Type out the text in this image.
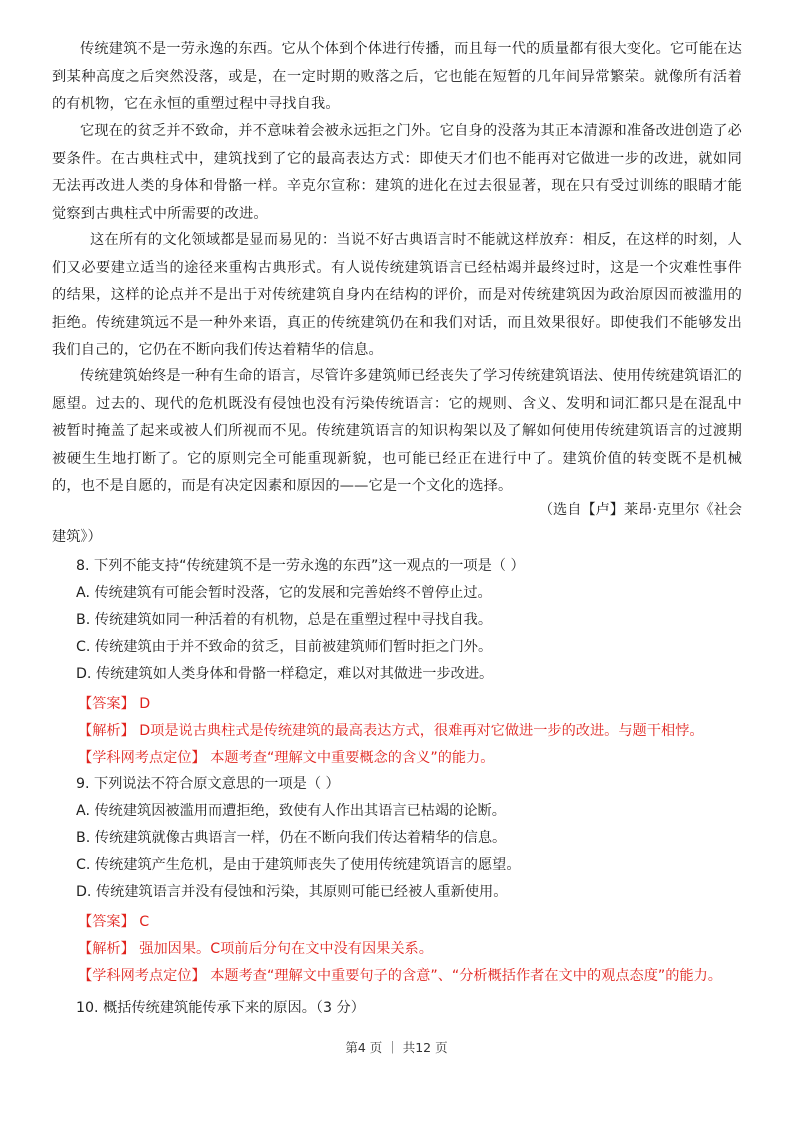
传统建筑不是一劳永逸的东西。它从个体到个体进行传播，而且每一代的质量都有很大变化。它可能在达到某种高度之后突然没落，或是，在一定时期的败落之后，它也能在短暂的几年间异常繁荣。就像所有活着的有机物，它在永恒的重塑过程中寻找自我。

它现在的贫乏并不致命，并不意味着会被永远拒之门外。它自身的没落为其正本清源和准备改进创造了必要条件。在古典柱式中，建筑找到了它的最高表达方式：即使天才们也不能再对它做进一步的改进，就如同无法再改进人类的身体和骨骼一样。辛克尔宣称：建筑的进化在过去很显著，现在只有受过训练的眼睛才能觉察到古典柱式中所需要的改进。

这在所有的文化领域都是显而易见的：当说不好古典语言时不能就这样放弃：相反，在这样的时刻，人们又必要建立适当的途径来重构古典形式。有人说传统建筑语言已经枯竭并最终过时，这是一个灾难性事件的结果，这样的论点并不是出于对传统建筑自身内在结构的评价，而是对传统建筑因为政治原因而被滥用的拒绝。传统建筑远不是一种外来语，真正的传统建筑仍在和我们对话，而且效果很好。即使我们不能够发出我们自己的，它仍在不断向我们传达着精华的信息。

传统建筑始终是一种有生命的语言，尽管许多建筑师已经丧失了学习传统建筑语法、使用传统建筑语汇的愿望。过去的、现代的危机既没有侵蚀也没有污染传统语言：它的规则、含义、发明和词汇都只是在混乱中被暂时掩盖了起来或被人们所视而不见。传统建筑语言的知识构架以及了解如何使用传统建筑语言的过渡期被硬生生地打断了。它的原则完全可能重现新貌，也可能已经正在进行中了。建筑价值的转变既不是机械的，也不是自愿的，而是有决定因素和原因的——它是一个文化的选择。

（选自【卢】莱昂·克里尔《社会
建筑》）
8. 下列不能支持“传统建筑不是一劳永逸的东西”这一观点的一项是（ ）
A. 传统建筑有可能会暂时没落，它的发展和完善始终不曾停止过。
B. 传统建筑如同一种活着的有机物，总是在重塑过程中寻找自我。
C. 传统建筑由于并不致命的贫乏，目前被建筑师们暂时拒之门外。
D. 传统建筑如人类身体和骨骼一样稳定，难以对其做进一步改进。
【答案】 D
【解析】 D项是说古典柱式是传统建筑的最高表达方式，很难再对它做进一步的改进。与题干相悖。
【学科网考点定位】 本题考查“理解文中重要概念的含义”的能力。
9. 下列说法不符合原文意思的一项是（ ）
A. 传统建筑因被滥用而遭拒绝，致使有人作出其语言已枯竭的论断。
B. 传统建筑就像古典语言一样，仍在不断向我们传达着精华的信息。
C. 传统建筑产生危机，是由于建筑师丧失了使用传统建筑语言的愿望。
D. 传统建筑语言并没有侵蚀和污染，其原则可能已经被人重新使用。
【答案】 C
【解析】 强加因果。C项前后分句在文中没有因果关系。
【学科网考点定位】 本题考查“理解文中重要句子的含意”、“分析概括作者在文中的观点态度”的能力。
10. 概括传统建筑能传承下来的原因。（3 分）
第4 页 ｜ 共12 页
